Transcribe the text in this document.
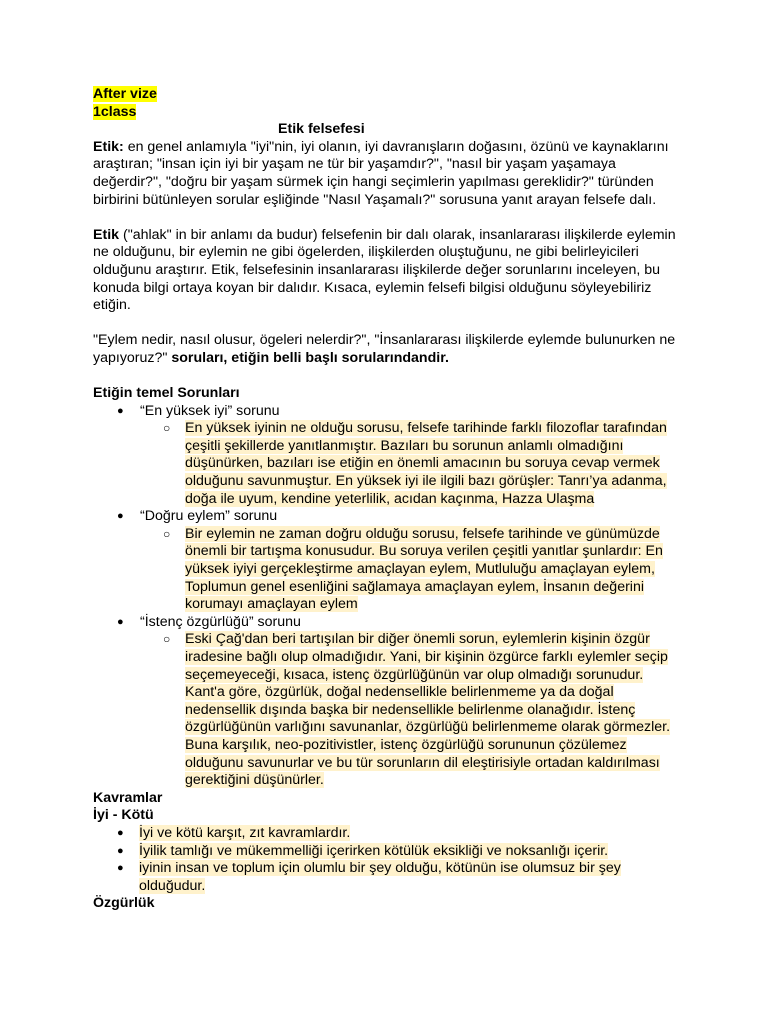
After vize

1class

Etik felsefesi

Etik: en genel anlamıyla "iyi"nin, iyi olanın, iyi davranışların doğasını, özünü ve kaynaklarını araştıran; "insan için iyi bir yaşam ne tür bir yaşamdır?", "nasıl bir yaşam yaşamaya değerdir?", "doğru bir yaşam sürmek için hangi seçimlerin yapılması gereklidir?" türünden birbirini bütünleyen sorular eşliğinde "Nasıl Yaşamalı?" sorusuna yanıt arayan felsefe dalı.

Etik ("ahlak" in bir anlamı da budur) felsefenin bir dalı olarak, insanlararası ilişkilerde eylemin ne olduğunu, bir eylemin ne gibi ögelerden, ilişkilerden oluştuğunu, ne gibi belirleyicileri olduğunu araştırır. Etik, felsefesinin insanlararası ilişkilerde değer sorunlarını inceleyen, bu konuda bilgi ortaya koyan bir dalıdır. Kısaca, eylemin felsefi bilgisi olduğunu söyleyebiliriz etiğin.

"Eylem nedir, nasıl olusur, ögeleri nelerdir?", "İnsanlararası ilişkilerde eylemde bulunurken ne yapıyoruz?" soruları, etiğin belli başlı sorularındandir.

Etiğin temel Sorunları

● “En yüksek iyi” sorunu
○ En yüksek iyinin ne olduğu sorusu, felsefe tarihinde farklı filozoflar tarafından çeşitli şekillerde yanıtlanmıştır. Bazıları bu sorunun anlamlı olmadığını düşünürken, bazıları ise etiğin en önemli amacının bu soruya cevap vermek olduğunu savunmuştur. En yüksek iyi ile ilgili bazı görüşler: Tanrı’ya adanma, doğa ile uyum, kendine yeterlilik, acıdan kaçınma, Hazza Ulaşma
● “Doğru eylem” sorunu
○ Bir eylemin ne zaman doğru olduğu sorusu, felsefe tarihinde ve günümüzde önemli bir tartışma konusudur. Bu soruya verilen çeşitli yanıtlar şunlardır: En yüksek iyiyi gerçekleştirme amaçlayan eylem, Mutluluğu amaçlayan eylem, Toplumun genel esenliğini sağlamaya amaçlayan eylem, İnsanın değerini korumayı amaçlayan eylem
● “İstenç özgürlüğü” sorunu
○ Eski Çağ'dan beri tartışılan bir diğer önemli sorun, eylemlerin kişinin özgür iradesine bağlı olup olmadığıdır. Yani, bir kişinin özgürce farklı eylemler seçip seçemeyeceği, kısaca, istenç özgürlüğünün var olup olmadığı sorunudur. Kant'a göre, özgürlük, doğal nedensellikle belirlenmeme ya da doğal nedensellik dışında başka bir nedensellikle belirlenme olanağıdır. İstenç özgürlüğünün varlığını savunanlar, özgürlüğü belirlenmeme olarak görmezler. Buna karşılık, neo-pozitivistler, istenç özgürlüğü sorununun çözülemez olduğunu savunurlar ve bu tür sorunların dil eleştirisiyle ortadan kaldırılması gerektiğini düşünürler.

Kavramlar

İyi - Kötü

● İyi ve kötü karşıt, zıt kavramlardır.
● İyilik tamlığı ve mükemmelliği içerirken kötülük eksikliği ve noksanlığı içerir.
● iyinin insan ve toplum için olumlu bir şey olduğu, kötünün ise olumsuz bir şey olduğudur.

Özgürlük
